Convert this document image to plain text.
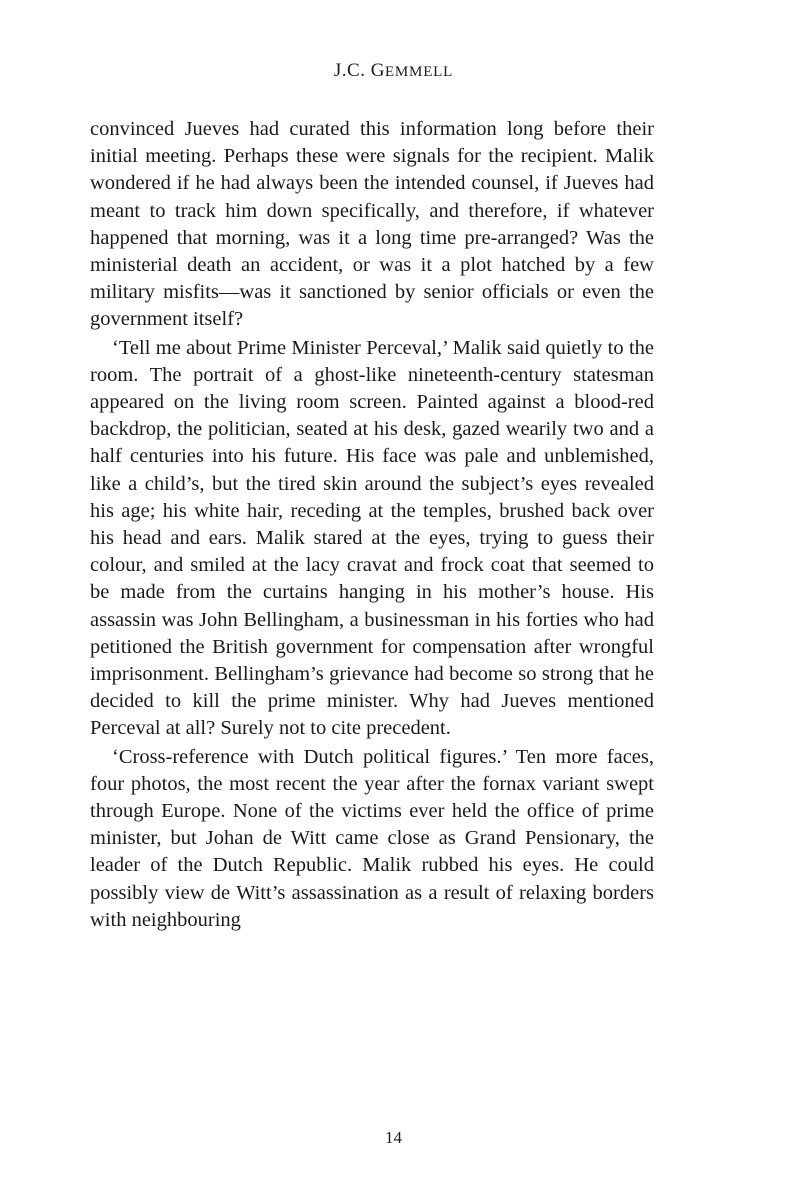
J.C. GEMMELL

convinced Jueves had curated this information long before their initial meeting. Perhaps these were signals for the recipient. Malik wondered if he had always been the intended counsel, if Jueves had meant to track him down specifically, and therefore, if whatever happened that morning, was it a long time pre-arranged? Was the ministerial death an accident, or was it a plot hatched by a few military misfits—was it sanctioned by senior officials or even the government itself?

‘Tell me about Prime Minister Perceval,’ Malik said quietly to the room. The portrait of a ghost-like nineteenth-century statesman appeared on the living room screen. Painted against a blood-red backdrop, the politician, seated at his desk, gazed wearily two and a half centuries into his future. His face was pale and unblemished, like a child’s, but the tired skin around the subject’s eyes revealed his age; his white hair, receding at the temples, brushed back over his head and ears. Malik stared at the eyes, trying to guess their colour, and smiled at the lacy cravat and frock coat that seemed to be made from the curtains hanging in his mother’s house. His assassin was John Bellingham, a businessman in his forties who had petitioned the British government for compensation after wrongful imprisonment. Bellingham’s grievance had become so strong that he decided to kill the prime minister. Why had Jueves mentioned Perceval at all? Surely not to cite precedent.

‘Cross-reference with Dutch political figures.’ Ten more faces, four photos, the most recent the year after the fornax variant swept through Europe. None of the victims ever held the office of prime minister, but Johan de Witt came close as Grand Pensionary, the leader of the Dutch Republic. Malik rubbed his eyes. He could possibly view de Witt’s assassination as a result of relaxing borders with neighbouring

14
